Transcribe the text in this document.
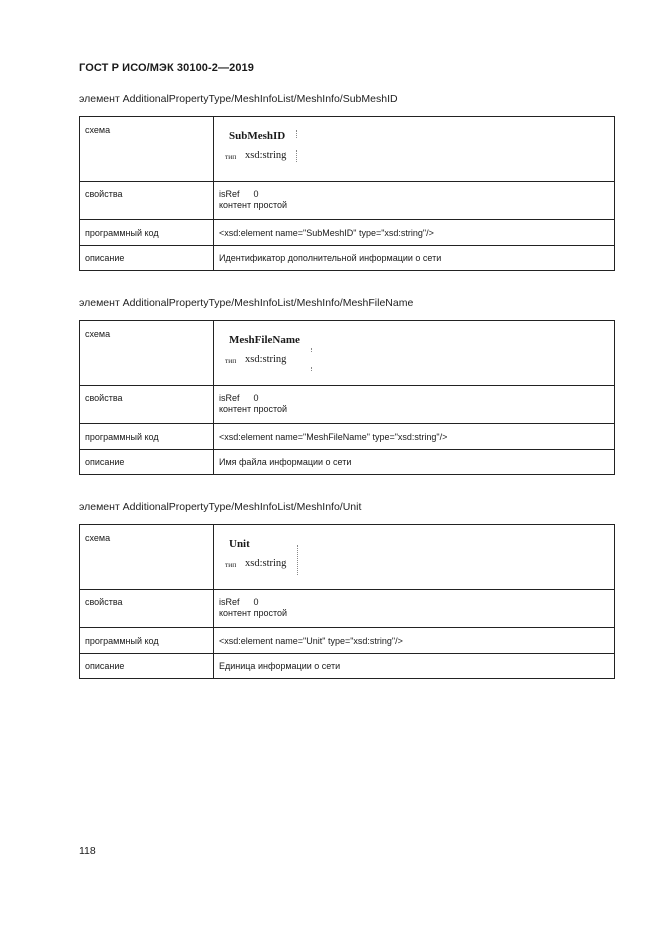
ГОСТ Р ИСО/МЭК 30100-2—2019
элемент AdditionalPropertyType/MeshInfoList/MeshInfo/SubMeshID
схема	SubMeshID
тип xsd:string

свойства	isRef 0
контент простой

программный код	<xsd:element name="SubMeshID" type="xsd:string"/>
описание	Идентификатор дополнительной информации о сети
элемент AdditionalPropertyType/MeshInfoList/MeshInfo/MeshFileName
схема	MeshFileName
тип xsd:string

свойства	isRef 0
контент простой

программный код	<xsd:element name="MeshFileName" type="xsd:string"/>
описание	Имя файла информации о сети
элемент AdditionalPropertyType/MeshInfoList/MeshInfo/Unit
схема	Unit
тип xsd:string

свойства	isRef 0
контент простой

программный код	<xsd:element name="Unit" type="xsd:string"/>
описание	Единица информации о сети
118
